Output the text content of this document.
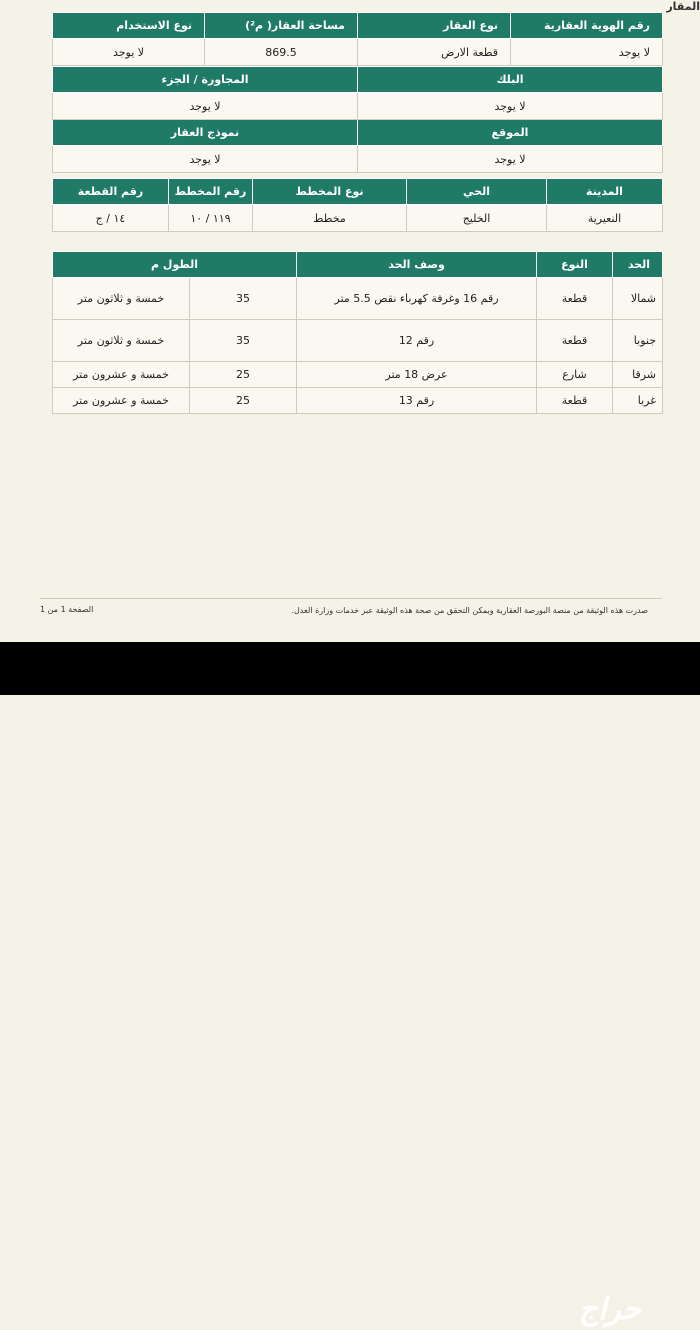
المقار
رقم الهوية العقارية	نوع العقار	مساحة العقار( م²)	نوع الاستخدام
لا يوجد	قطعة الارض	869.5	لا يوجد
البلك	المجاورة / الجزء
لا يوجد	لا يوجد
الموقع	نموذج العقار
لا يوجد	لا يوجد
المدينة	الحي	نوع المخطط	رقم المخطط	رقم القطعة
النعيرية	الخليج	مخطط	١١٩ / ١٠	١٤ / ج
الحد	النوع	وصف الحد	الطول م	
شمالا	قطعة	رقم 16 وغرفة كهرباء نقص 5.5 متر	35	خمسة و ثلاثون متر
جنوبا	قطعة	رقم 12	35	خمسة و ثلاثون متر
شرقا	شارع	عرض 18 متر	25	خمسة و عشرون متر
غربا	قطعة	رقم 13	25	خمسة و عشرون متر
صدرت هذه الوثيقة من منصة البورصة العقارية ويمكن التحقق من صحة هذه الوثيقة عبر خدمات وزارة العدل.
الصفحة 1 من 1
حراج
